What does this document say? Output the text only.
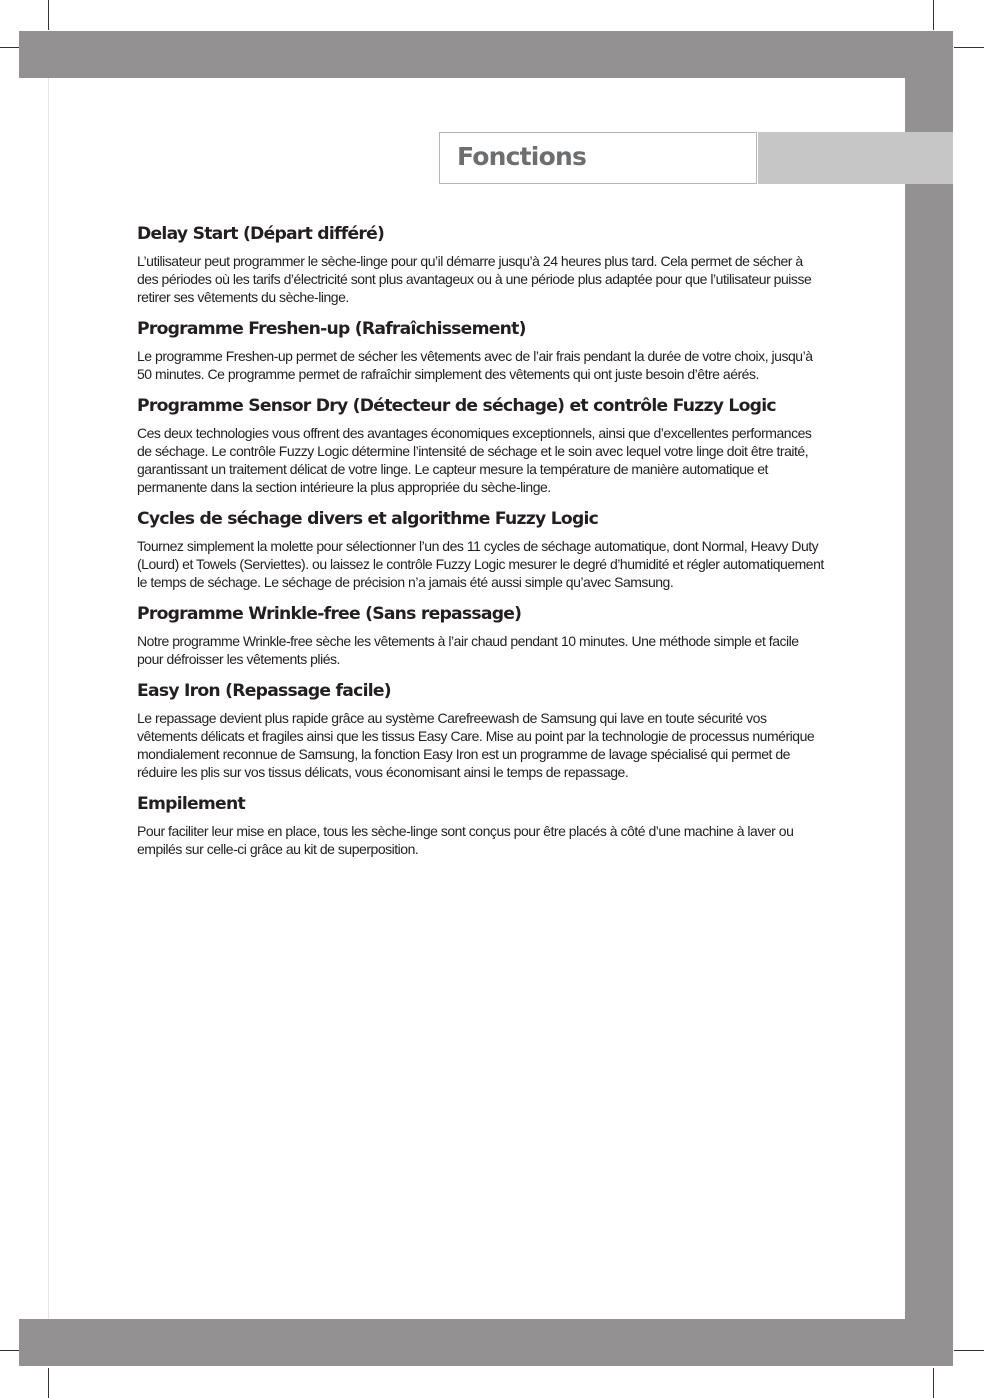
Fonctions
Delay Start (Départ différé)

L’utilisateur peut programmer le sèche-linge pour qu’il démarre jusqu’à 24 heures plus tard. Cela permet de sécher à des périodes où les tarifs d’électricité sont plus avantageux ou à une période plus adaptée pour que l’utilisateur puisse retirer ses vêtements du sèche-linge.

Programme Freshen-up (Rafraîchissement)

Le programme Freshen-up permet de sécher les vêtements avec de l’air frais pendant la durée de votre choix, jusqu’à 50 minutes. Ce programme permet de rafraîchir simplement des vêtements qui ont juste besoin d’être aérés.

Programme Sensor Dry (Détecteur de séchage) et contrôle Fuzzy Logic

Ces deux technologies vous offrent des avantages économiques exceptionnels, ainsi que d’excellentes performances de séchage. Le contrôle Fuzzy Logic détermine l’intensité de séchage et le soin avec lequel votre linge doit être traité, garantissant un traitement délicat de votre linge. Le capteur mesure la température de manière automatique et permanente dans la section intérieure la plus appropriée du sèche-linge.

Cycles de séchage divers et algorithme Fuzzy Logic

Tournez simplement la molette pour sélectionner l’un des 11 cycles de séchage automatique, dont Normal, Heavy Duty (Lourd) et Towels (Serviettes). ou laissez le contrôle Fuzzy Logic mesurer le degré d’humidité et régler automatiquement le temps de séchage. Le séchage de précision n’a jamais été aussi simple qu’avec Samsung.

Programme Wrinkle-free (Sans repassage)

Notre programme Wrinkle-free sèche les vêtements à l’air chaud pendant 10 minutes. Une méthode simple et facile pour défroisser les vêtements pliés.

Easy Iron (Repassage facile)

Le repassage devient plus rapide grâce au système Carefreewash de Samsung qui lave en toute sécurité vos vêtements délicats et fragiles ainsi que les tissus Easy Care. Mise au point par la technologie de processus numérique mondialement reconnue de Samsung, la fonction Easy Iron est un programme de lavage spécialisé qui permet de réduire les plis sur vos tissus délicats, vous économisant ainsi le temps de repassage.

Empilement

Pour faciliter leur mise en place, tous les sèche-linge sont conçus pour être placés à côté d’une machine à laver ou empilés sur celle-ci grâce au kit de superposition.
